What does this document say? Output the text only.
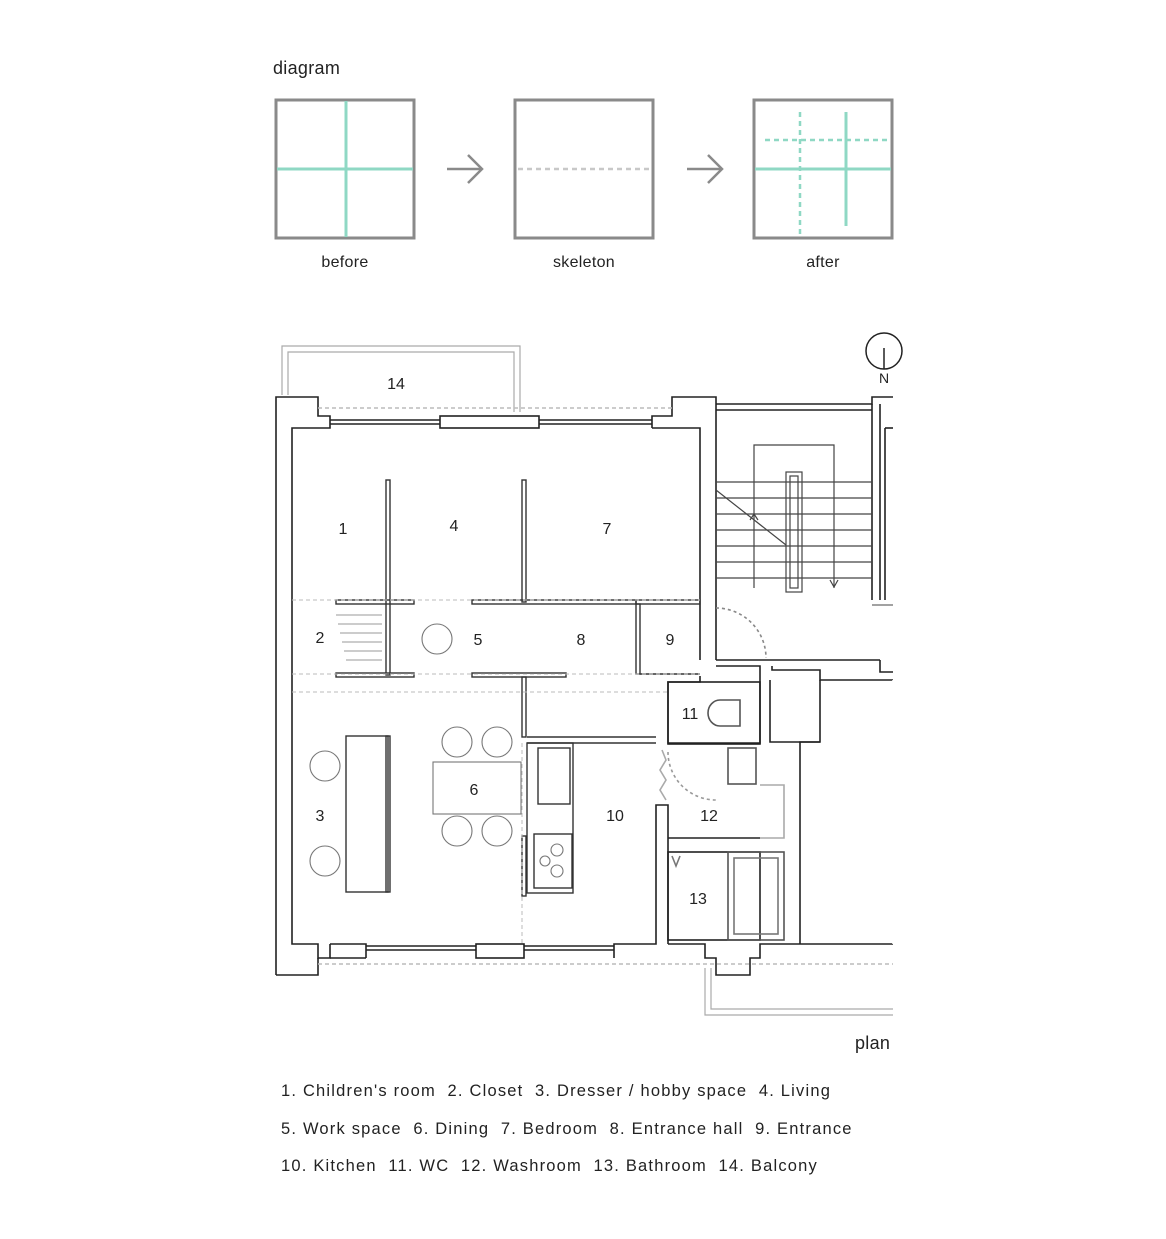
diagram
before	skeleton	after
N
1
2
3
4
5
6
7
8	9
10
11
12
13
14
plan
1. Children's room  2. Closet  3. Dresser / hobby space  4. Living
5. Work space  6. Dining  7. Bedroom  8. Entrance hall  9. Entrance
10. Kitchen  11. WC  12. Washroom  13. Bathroom  14. Balcony
